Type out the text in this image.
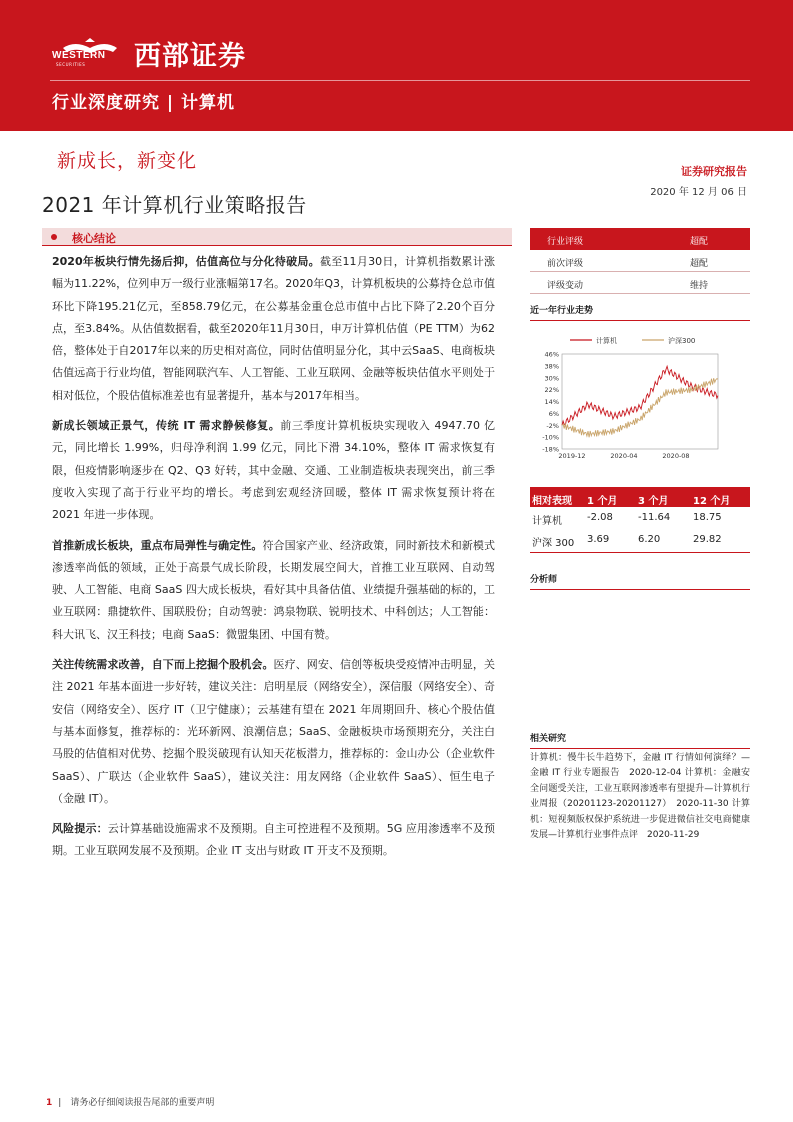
WESTERN
SECURITIES 西部证券
行业深度研究 | 计算机
新成长，新变化	证券研究报告
2020 年 12 月 06 日
2021 年计算机行业策略报告
核心结论

2020年板块行情先扬后抑，估值高位与分化待破局。截至11月30日，计算机指数累计涨幅为11.22%，位列申万一级行业涨幅第17名。2020年Q3，计算机板块的公募持仓总市值环比下降195.21亿元，至858.79亿元，在公募基金重仓总市值中占比下降了2.20个百分点，至3.84%。从估值数据看，截至2020年11月30日，申万计算机估值（PE TTM）为62倍，整体处于自2017年以来的历史相对高位，同时估值明显分化，其中云SaaS、电商板块估值远高于行业均值，智能网联汽车、人工智能、工业互联网、金融等板块估值水平则处于相对低位，个股估值标准差也有显著提升，基本与2017年相当。

新成长领域正景气，传统 IT 需求静候修复。前三季度计算机板块实现收入 4947.70 亿元，同比增长 1.99%，归母净利润 1.99 亿元，同比下滑 34.10%，整体 IT 需求恢复有限，但疫情影响逐步在 Q2、Q3 好转，其中金融、交通、工业制造板块表现突出，前三季度收入实现了高于行业平均的增长。考虑到宏观经济回暖，整体 IT 需求恢复预计将在 2021 年进一步体现。

首推新成长板块，重点布局弹性与确定性。符合国家产业、经济政策，同时新技术和新模式渗透率尚低的领域，正处于高景气成长阶段，长期发展空间大，首推工业互联网、自动驾驶、人工智能、电商 SaaS 四大成长板块，看好其中具备估值、业绩提升强基础的标的，工业互联网：鼎捷软件、国联股份；自动驾驶：鸿泉物联、锐明技术、中科创达；人工智能：科大讯飞、汉王科技；电商 SaaS：微盟集团、中国有赞。

关注传统需求改善，自下而上挖掘个股机会。医疗、网安、信创等板块受疫情冲击明显，关注 2021 年基本面进一步好转，建议关注：启明星辰（网络安全），深信服（网络安全）、奇安信（网络安全）、医疗 IT（卫宁健康）；云基建有望在 2021 年周期回升、核心个股估值与基本面修复，推荐标的：光环新网、浪潮信息；SaaS、金融板块市场预期充分，关注白马股的估值相对优势、挖掘个股災破现有认知天花板潜力，推荐标的：金山办公（企业软件 SaaS）、广联达（企业软件 SaaS），建议关注：用友网络（企业软件 SaaS）、恒生电子（金融 IT）。

风险提示：云计算基础设施需求不及预期。自主可控进程不及预期。5G 应用渗透率不及预期。工业互联网发展不及预期。企业 IT 支出与财政 IT 开支不及预期。

行业评级	超配
前次评级	超配
评级变动	维持
近一年行业走势
计算机	沪深300
46%
38%
30%
22%
14%
6%
-2%
-10%
-18%
2019-12	2020-04	2020-08
相对表现 1 个月 3 个月 12 个月
计算机	-2.08	-11.64 18.75
沪深 300 3.69	6.20	29.82
分析师
相关研究
计算机：慢牛长牛趋势下，金融 IT 行情如何演绎？—金融 IT 行业专题报告　2020-12-04 计算机：金融安全问题受关注，工业互联网渗透率有望提升—计算机行业周报（20201123-20201127）　2020-11-30 计算机：短视频版权保护系统进一步促进微信社交电商健康发展—计算机行业事件点评　2020-11-29
1 |　请务必仔细阅读报告尾部的重要声明
